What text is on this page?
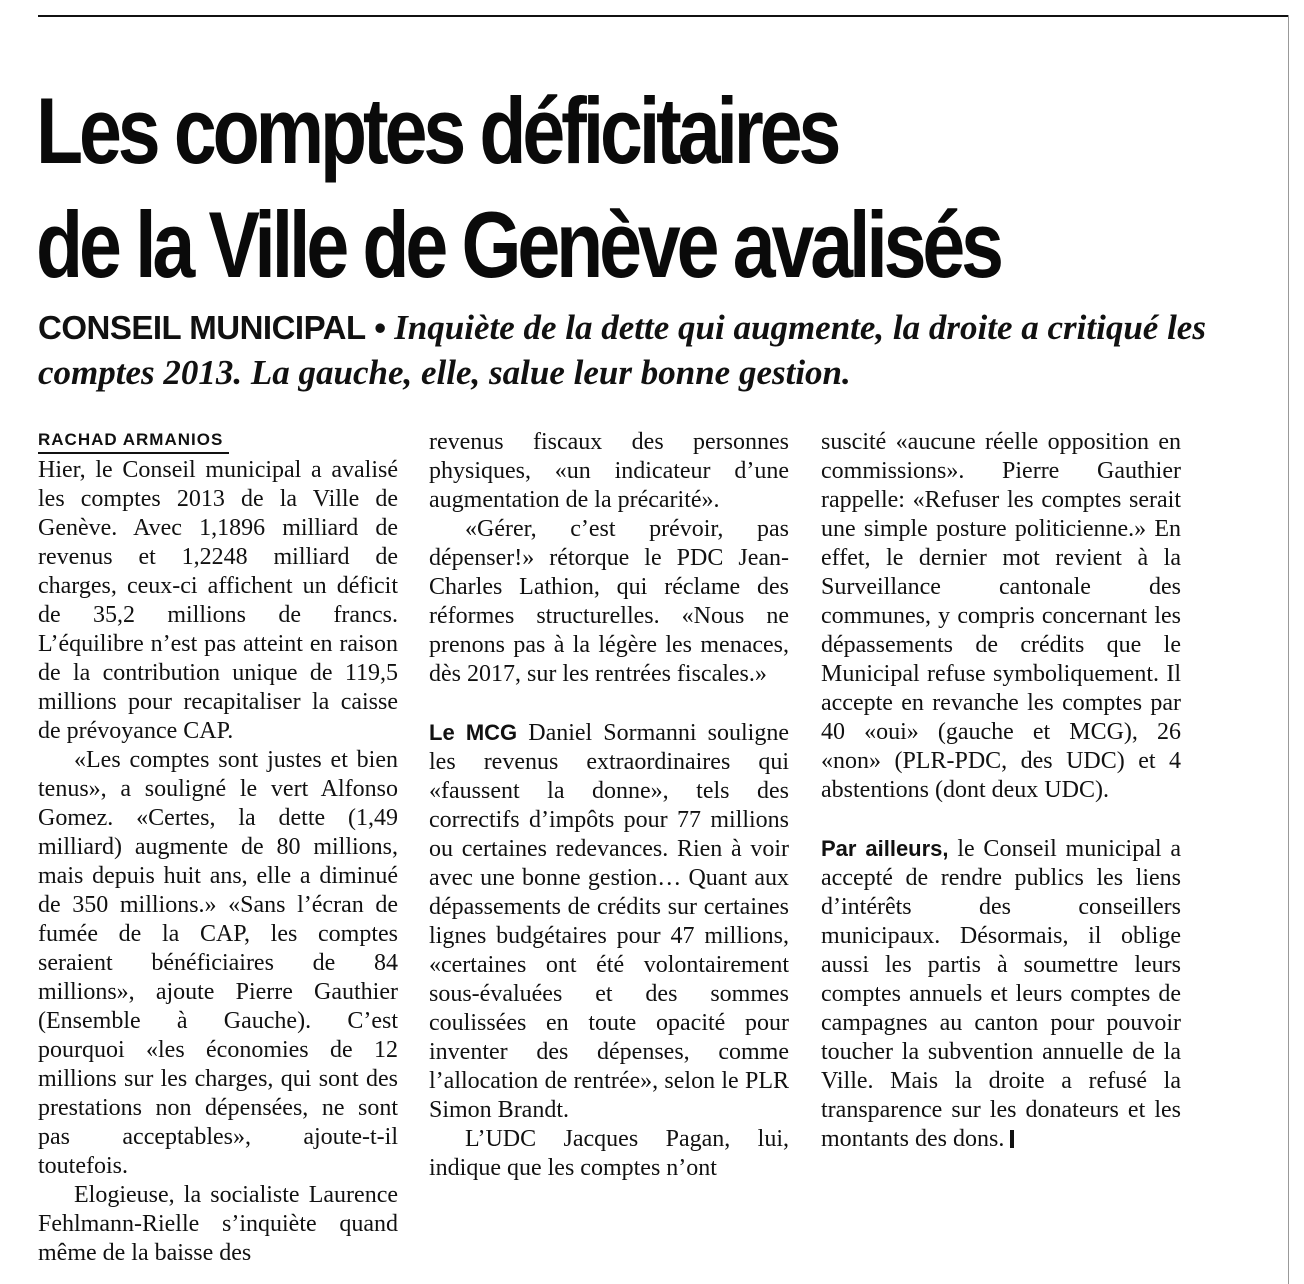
Les comptes déficitaires
de la Ville de Genève avalisés

CONSEIL MUNICIPAL • Inquiète de la dette qui augmente, la droite a critiqué les comptes 2013. La gauche, elle, salue leur bonne gestion.

RACHAD ARMANIOS

Hier, le Conseil municipal a avalisé les comptes 2013 de la Ville de Genève. Avec 1,1896 milliard de revenus et 1,2248 milliard de charges, ceux-ci affichent un déficit de 35,2 millions de francs. L’équilibre n’est pas atteint en raison de la contribution unique de 119,5 millions pour recapitaliser la caisse de prévoyance CAP.

«Les comptes sont justes et bien tenus», a souligné le vert Alfonso Gomez. «Certes, la dette (1,49 milliard) augmente de 80 millions, mais depuis huit ans, elle a diminué de 350 millions.» «Sans l’écran de fumée de la CAP, les comptes seraient bénéficiaires de 84 millions», ajoute Pierre Gauthier (Ensemble à Gauche). C’est pourquoi «les économies de 12 millions sur les charges, qui sont des prestations non dépensées, ne sont pas acceptables», ajoute-t-il toutefois.

Elogieuse, la socialiste Laurence Fehlmann-Rielle s’inquiète quand même de la baisse des

revenus fiscaux des personnes physiques, «un indicateur d’une augmentation de la précarité».

«Gérer, c’est prévoir, pas dépenser!» rétorque le PDC Jean-Charles Lathion, qui réclame des réformes structurelles. «Nous ne prenons pas à la légère les menaces, dès 2017, sur les rentrées fiscales.»

Le MCG Daniel Sormanni souligne les revenus extraordinaires qui «faussent la donne», tels des correctifs d’impôts pour 77 millions ou certaines redevances. Rien à voir avec une bonne gestion… Quant aux dépassements de crédits sur certaines lignes budgétaires pour 47 millions, «certaines ont été volontairement sous-évaluées et des sommes coulissées en toute opacité pour inventer des dépenses, comme l’allocation de rentrée», selon le PLR Simon Brandt.

L’UDC Jacques Pagan, lui, indique que les comptes n’ont

suscité «aucune réelle opposition en commissions». Pierre Gauthier rappelle: «Refuser les comptes serait une simple posture politicienne.» En effet, le dernier mot revient à la Surveillance cantonale des communes, y compris concernant les dépassements de crédits que le Municipal refuse symboliquement. Il accepte en revanche les comptes par 40 «oui» (gauche et MCG), 26 «non» (PLR-PDC, des UDC) et 4 abstentions (dont deux UDC).

Par ailleurs, le Conseil municipal a accepté de rendre publics les liens d’intérêts des conseillers municipaux. Désormais, il oblige aussi les partis à soumettre leurs comptes annuels et leurs comptes de campagnes au canton pour pouvoir toucher la subvention annuelle de la Ville. Mais la droite a refusé la transparence sur les donateurs et les montants des dons.
